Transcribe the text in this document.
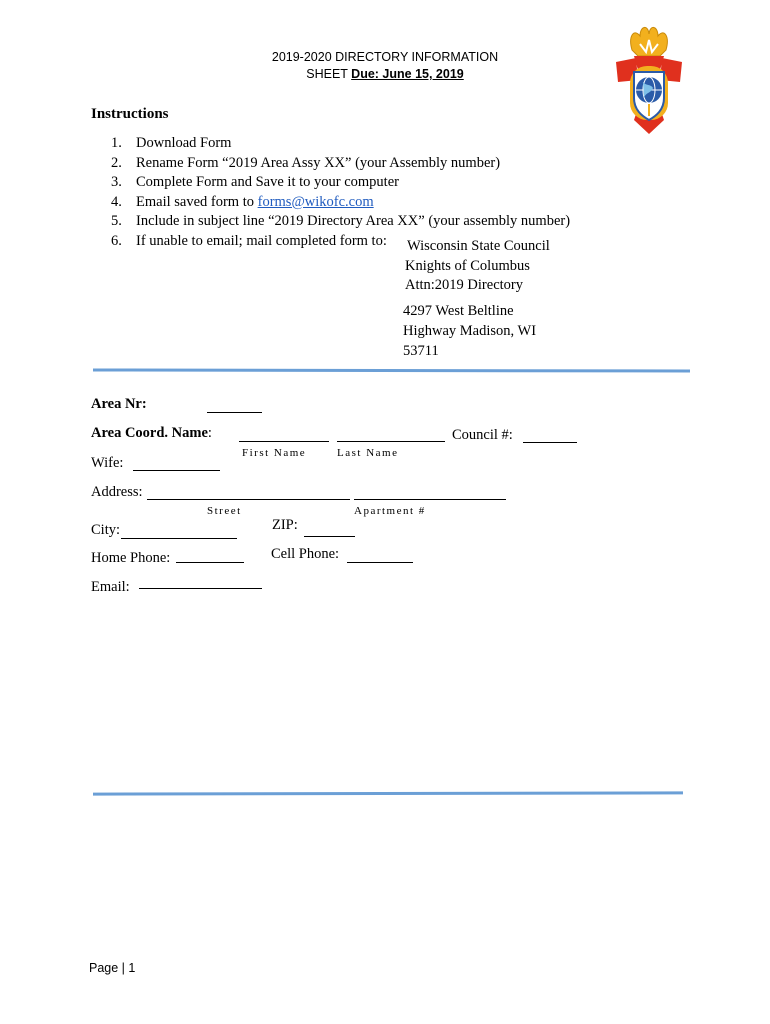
2019-2020 DIRECTORY INFORMATION
SHEET Due: June 15, 2019
Instructions
1. Download Form
2. Rename Form “2019 Area Assy XX” (your Assembly number)
3. Complete Form and Save it to your computer
4. Email saved form to forms@wikofc.com
5. Include in subject line “2019 Directory Area XX” (your assembly number)
6. If unable to email; mail completed form to:	Wisconsin State Council
Knights of Columbus
Attn:2019 Directory
4297 West Beltline
Highway Madison, WI
53711
Area Nr:
Area Coord. Name:
First Name	Last Name
Council #:
Wife:
Address:
Street	Apartment #
City:	ZIP:
Home Phone:	Cell Phone:
Email:
Page | 1
